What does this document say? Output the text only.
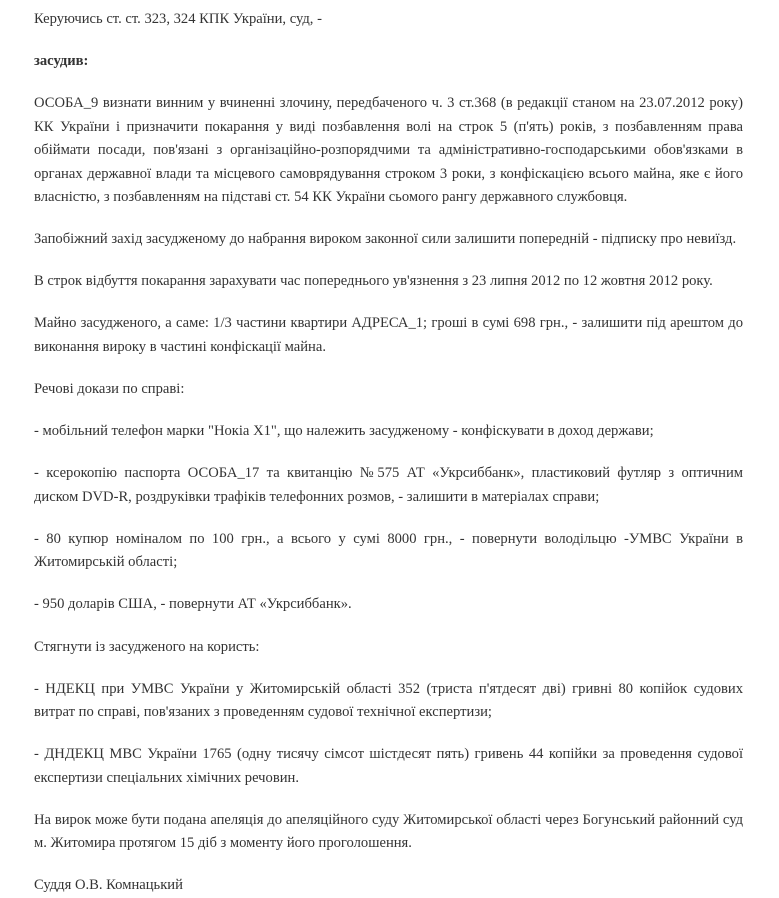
Керуючись ст. ст. 323, 324 КПК України, суд, -

засудив:

ОСОБА_9 визнати винним у вчиненні злочину, передбаченого ч. 3 ст.368 (в редакції станом на 23.07.2012 року) КК України і призначити покарання у виді позбавлення волі на строк 5 (п'ять) років, з позбавленням права обіймати посади, пов'язані з організаційно-розпорядчими та адміністративно-господарськими обов'язками в органах державної влади та місцевого самоврядування строком 3 роки, з конфіскацією всього майна, яке є його власністю, з позбавленням на підставі ст. 54 КК України сьомого рангу державного службовця.

Запобіжний захід засудженому до набрання вироком законної сили залишити попередній - підписку про невиїзд.

В строк відбуття покарання зарахувати час попереднього ув'язнення з 23 липня 2012 по 12 жовтня 2012 року.

Майно засудженого, а саме: 1/3 частини квартири АДРЕСА_1; гроші в сумі 698 грн., - залишити під арештом до виконання вироку в частині конфіскації майна.

Речові докази по справі:

- мобільний телефон марки "Нокіа Х1", що належить засудженому - конфіскувати в доход держави;

- ксерокопію паспорта ОСОБА_17 та квитанцію №575 АТ «Укрсиббанк», пластиковий футляр з оптичним диском DVD-R, роздруківки трафіків телефонних розмов, - залишити в матеріалах справи;

- 80 купюр номіналом по 100 грн., а всього у сумі 8000 грн., - повернути володільцю -УМВС України в Житомирській області;

- 950 доларів США, - повернути АТ «Укрсиббанк».

Стягнути із засудженого на користь:

- НДЕКЦ при УМВС України у Житомирській області 352 (триста п'ятдесят дві) гривні 80 копійок судових витрат по справі, пов'язаних з проведенням судової технічної експертизи;

- ДНДЕКЦ МВС України 1765 (одну тисячу сімсот шістдесят пять) гривень 44 копійки за проведення судової експертизи спеціальних хімічних речовин.

На вирок може бути подана апеляція до апеляційного суду Житомирської області через Богунський районний суд м. Житомира протягом 15 діб з моменту його проголошення.

Суддя О.В. Комнацький
